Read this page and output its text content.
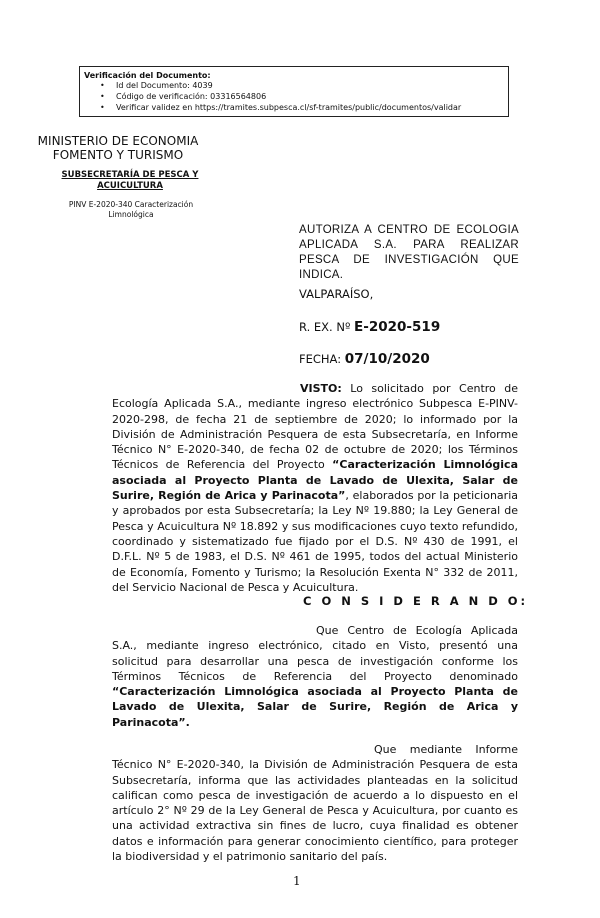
Verificación del Documento:
• Id del Documento: 4039
• Código de verificación: 03316564806
• Verificar validez en https://tramites.subpesca.cl/sf-tramites/public/documentos/validar
MINISTERIO DE ECONOMIA
FOMENTO Y TURISMO
SUBSECRETARÍA DE PESCA Y
ACUICULTURA
PINV E-2020-340 Caracterización
Limnológica
AUTORIZA A CENTRO DE ECOLOGIA APLICADA S.A. PARA REALIZAR PESCA DE INVESTIGACIÓN QUE INDICA.
VALPARAÍSO,
R. EX. Nº E-2020-519
FECHA: 07/10/2020
VISTO: Lo solicitado por Centro de Ecología Aplicada S.A., mediante ingreso electrónico Subpesca E-PINV-2020-298, de fecha 21 de septiembre de 2020; lo informado por la División de Administración Pesquera de esta Subsecretaría, en Informe Técnico N° E-2020-340, de fecha 02 de octubre de 2020; los Términos Técnicos de Referencia del Proyecto “Caracterización Limnológica asociada al Proyecto Planta de Lavado de Ulexita, Salar de Surire, Región de Arica y Parinacota”, elaborados por la peticionaria y aprobados por esta Subsecretaría; la Ley Nº 19.880; la Ley General de Pesca y Acuicultura Nº 18.892 y sus modificaciones cuyo texto refundido, coordinado y sistematizado fue fijado por el D.S. Nº 430 de 1991, el D.F.L. Nº 5 de 1983, el D.S. Nº 461 de 1995, todos del actual Ministerio de Economía, Fomento y Turismo; la Resolución Exenta N° 332 de 2011, del Servicio Nacional de Pesca y Acuicultura.
C O N S I D E R A N D O:
Que Centro de Ecología Aplicada S.A., mediante ingreso electrónico, citado en Visto, presentó una solicitud para desarrollar una pesca de investigación conforme los Términos Técnicos de Referencia del Proyecto denominado “Caracterización Limnológica asociada al Proyecto Planta de Lavado de Ulexita, Salar de Surire, Región de Arica y Parinacota”.
Que mediante Informe Técnico N° E-2020-340, la División de Administración Pesquera de esta Subsecretaría, informa que las actividades planteadas en la solicitud califican como pesca de investigación de acuerdo a lo dispuesto en el artículo 2° Nº 29 de la Ley General de Pesca y Acuicultura, por cuanto es una actividad extractiva sin fines de lucro, cuya finalidad es obtener datos e información para generar conocimiento científico, para proteger la biodiversidad y el patrimonio sanitario del país.
1
